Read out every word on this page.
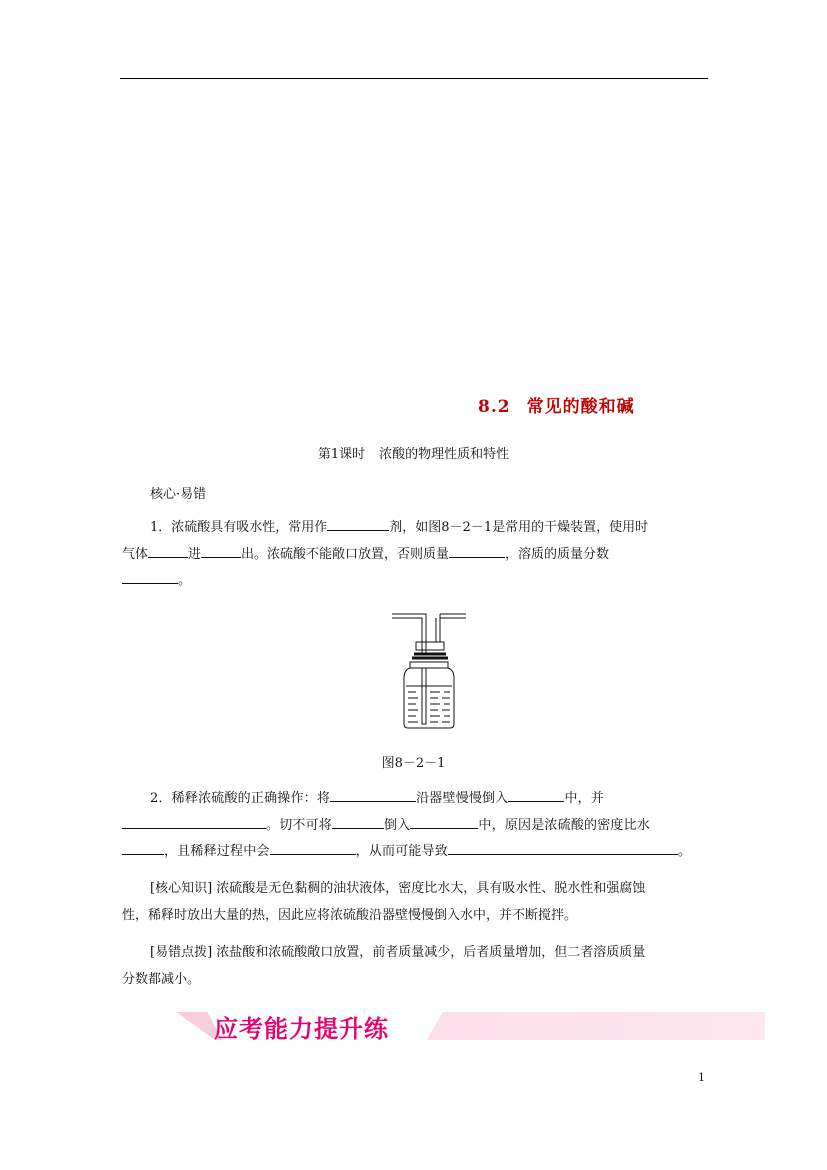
8.2 常见的酸和碱
第1课时 浓酸的物理性质和特性
核心·易错
1．浓硫酸具有吸水性，常用作	剂，如图8－2－1是常用的干燥装置，使用时
气体	进	出。浓硫酸不能敞口放置，否则质量	，溶质的质量分数
。
图8－2－1
2．稀释浓硫酸的正确操作：将	沿器壁慢慢倒入	中，并
。切不可将	倒入	中，原因是浓硫酸的密度比水
，且稀释过程中会	，从而可能导致	。
[核心知识] 浓硫酸是无色黏稠的油状液体，密度比水大，具有吸水性、脱水性和强腐蚀
性，稀释时放出大量的热，因此应将浓硫酸沿器壁慢慢倒入水中，并不断搅拌。
[易错点拨] 浓盐酸和浓硫酸敞口放置，前者质量减少，后者质量增加，但二者溶质质量
分数都减小。
应考能力提升练
1
